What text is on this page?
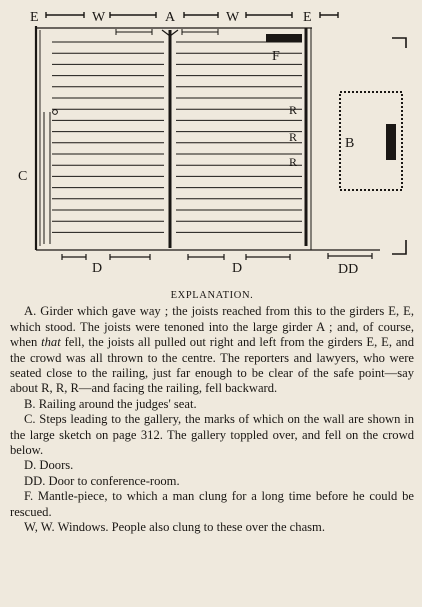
E	W	A	W	E
F
R
R
R
C
D	D	DD
B

EXPLANATION.

A. Girder which gave way ; the joists reached from this to the girders E, E, which stood. The joists were tenoned into the large girder A ; and, of course, when that fell, the joists all pulled out right and left from the girders E, E, and the crowd was all thrown to the centre. The reporters and lawyers, who were seated close to the railing, just far enough to be clear of the safe point—say about R, R, R—and facing the railing, fell backward.

B. Railing around the judges' seat.

C. Steps leading to the gallery, the marks of which on the wall are shown in the large sketch on page 312. The gallery toppled over, and fell on the crowd below.

D. Doors.

DD. Door to conference-room.

F. Mantle-piece, to which a man clung for a long time before he could be rescued.

W, W. Windows. People also clung to these over the chasm.
